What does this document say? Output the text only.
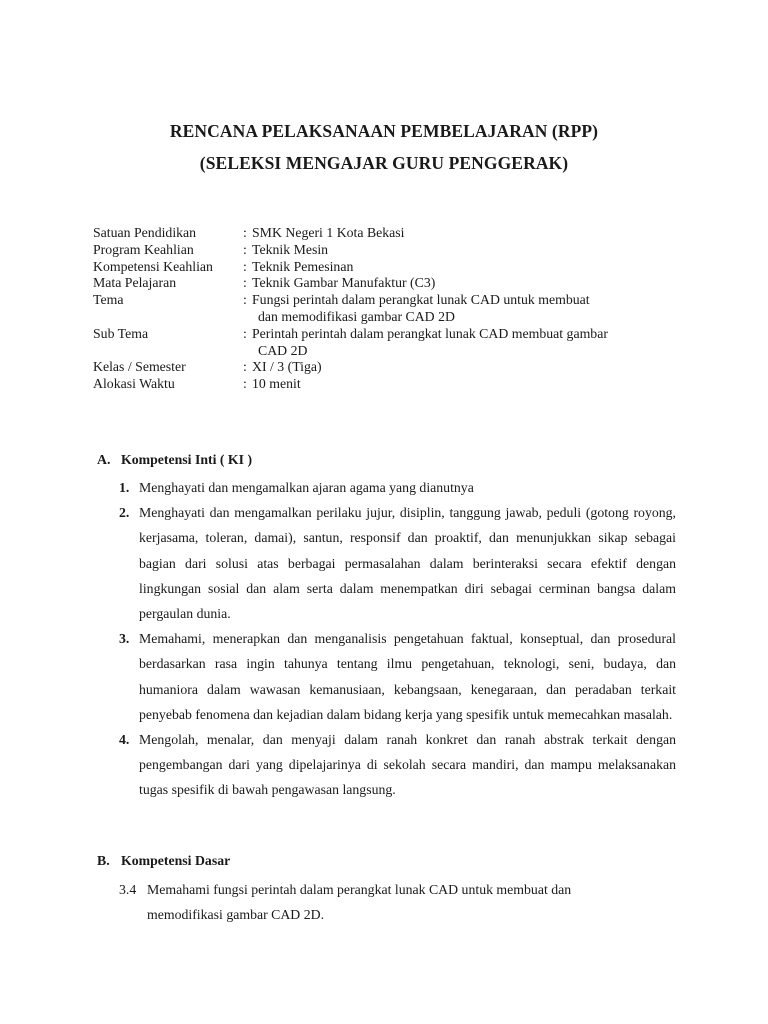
RENCANA PELAKSANAAN PEMBELAJARAN (RPP)
(SELEKSI MENGAJAR GURU PENGGERAK)
Satuan Pendidikan	: SMK Negeri 1 Kota Bekasi
Program Keahlian	: Teknik Mesin
Kompetensi Keahlian	: Teknik Pemesinan
Mata Pelajaran	: Teknik Gambar Manufaktur (C3)
Tema	: Fungsi perintah dalam perangkat lunak CAD untuk membuat
dan memodifikasi gambar CAD 2D
Sub Tema	: Perintah perintah dalam perangkat lunak CAD membuat gambar
CAD 2D
Kelas / Semester	: XI / 3 (Tiga)
Alokasi Waktu	: 10 menit
A. Kompetensi Inti ( KI )
1. Menghayati dan mengamalkan ajaran agama yang dianutnya
2. Menghayati dan mengamalkan perilaku jujur, disiplin, tanggung jawab, peduli (gotong royong, kerjasama, toleran, damai), santun, responsif dan proaktif, dan menunjukkan sikap sebagai bagian dari solusi atas berbagai permasalahan dalam berinteraksi secara efektif dengan lingkungan sosial dan alam serta dalam menempatkan diri sebagai cerminan bangsa dalam pergaulan dunia.
3. Memahami, menerapkan dan menganalisis pengetahuan faktual, konseptual, dan prosedural berdasarkan rasa ingin tahunya tentang ilmu pengetahuan, teknologi, seni, budaya, dan humaniora dalam wawasan kemanusiaan, kebangsaan, kenegaraan, dan peradaban terkait penyebab fenomena dan kejadian dalam bidang kerja yang spesifik untuk memecahkan masalah.
4. Mengolah, menalar, dan menyaji dalam ranah konkret dan ranah abstrak terkait dengan pengembangan dari yang dipelajarinya di sekolah secara mandiri, dan mampu melaksanakan tugas spesifik di bawah pengawasan langsung.
B. Kompetensi Dasar
3.4 Memahami fungsi perintah dalam perangkat lunak CAD untuk membuat dan memodifikasi gambar CAD 2D.
